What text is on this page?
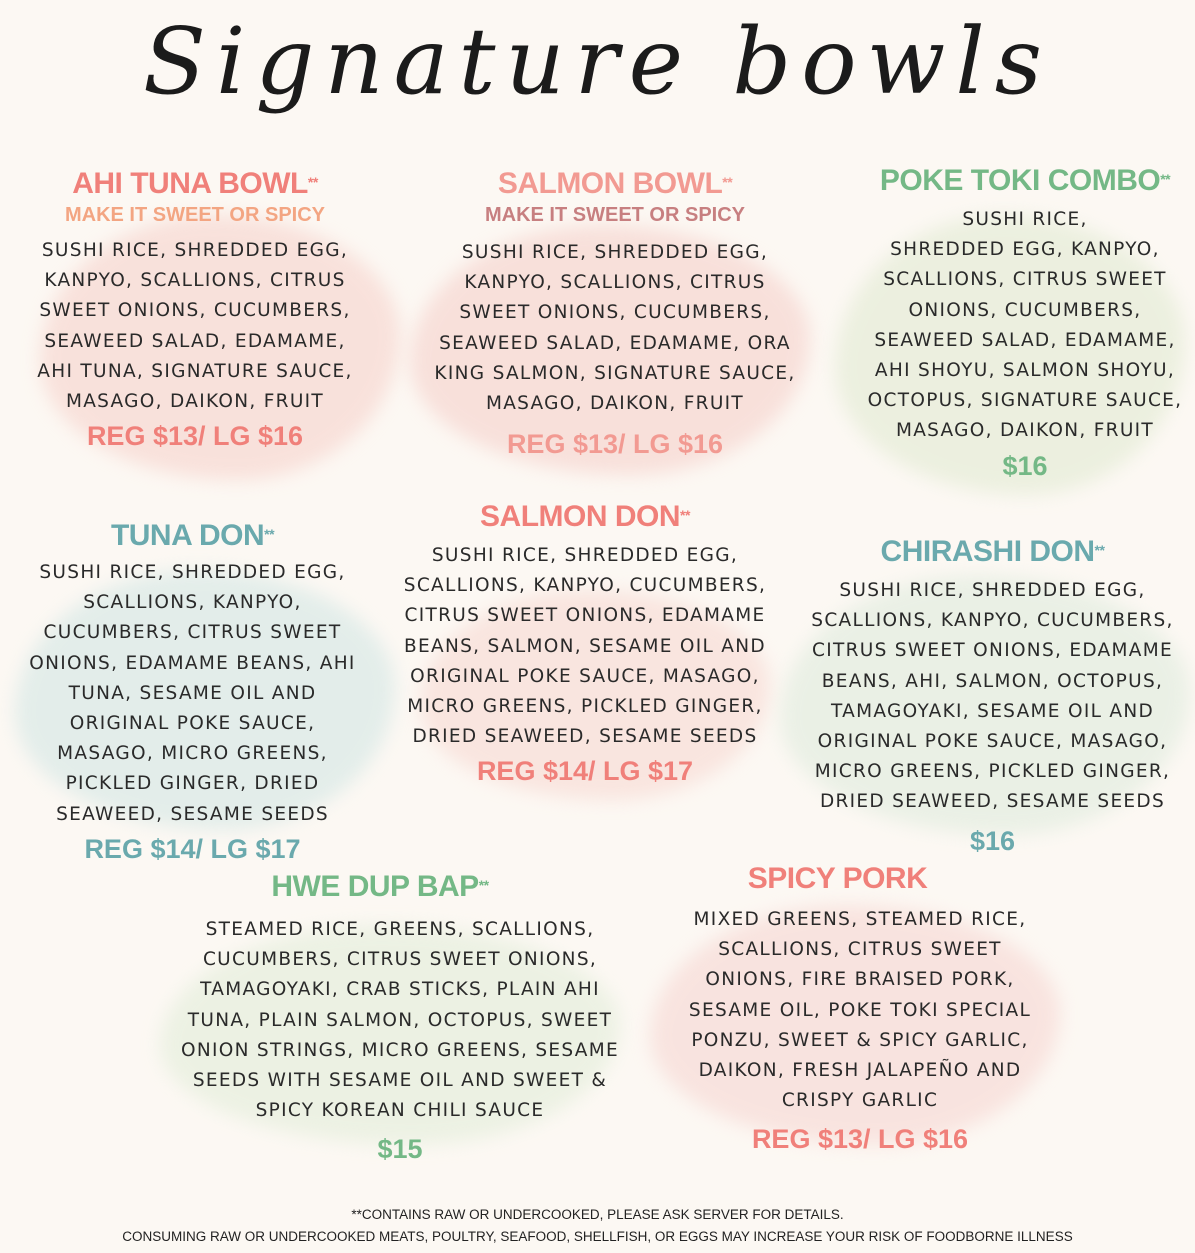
Signature bowls
AHI TUNA BOWL**
MAKE IT SWEET OR SPICY
SUSHI RICE, SHREDDED EGG,
KANPYO, SCALLIONS, CITRUS
SWEET ONIONS, CUCUMBERS,
SEAWEED SALAD, EDAMAME,
AHI TUNA, SIGNATURE SAUCE,
MASAGO, DAIKON, FRUIT
REG $13/ LG $16
SALMON BOWL**
MAKE IT SWEET OR SPICY
SUSHI RICE, SHREDDED EGG,
KANPYO, SCALLIONS, CITRUS
SWEET ONIONS, CUCUMBERS,
SEAWEED SALAD, EDAMAME, ORA
KING SALMON, SIGNATURE SAUCE,
MASAGO, DAIKON, FRUIT
REG $13/ LG $16
POKE TOKI COMBO**
SUSHI RICE,
SHREDDED EGG, KANPYO,
SCALLIONS, CITRUS SWEET
ONIONS, CUCUMBERS,
SEAWEED SALAD, EDAMAME,
AHI SHOYU, SALMON SHOYU,
OCTOPUS, SIGNATURE SAUCE,
MASAGO, DAIKON, FRUIT
$16
TUNA DON**
SUSHI RICE, SHREDDED EGG,
SCALLIONS, KANPYO,
CUCUMBERS, CITRUS SWEET
ONIONS, EDAMAME BEANS, AHI
TUNA, SESAME OIL AND
ORIGINAL POKE SAUCE,
MASAGO, MICRO GREENS,
PICKLED GINGER, DRIED
SEAWEED, SESAME SEEDS
REG $14/ LG $17
SALMON DON**
SUSHI RICE, SHREDDED EGG,
SCALLIONS, KANPYO, CUCUMBERS,
CITRUS SWEET ONIONS, EDAMAME
BEANS, SALMON, SESAME OIL AND
ORIGINAL POKE SAUCE, MASAGO,
MICRO GREENS, PICKLED GINGER,
DRIED SEAWEED, SESAME SEEDS
REG $14/ LG $17
CHIRASHI DON**
SUSHI RICE, SHREDDED EGG,
SCALLIONS, KANPYO, CUCUMBERS,
CITRUS SWEET ONIONS, EDAMAME
BEANS, AHI, SALMON, OCTOPUS,
TAMAGOYAKI, SESAME OIL AND
ORIGINAL POKE SAUCE, MASAGO,
MICRO GREENS, PICKLED GINGER,
DRIED SEAWEED, SESAME SEEDS
$16
HWE DUP BAP**
STEAMED RICE, GREENS, SCALLIONS,
CUCUMBERS, CITRUS SWEET ONIONS,
TAMAGOYAKI, CRAB STICKS, PLAIN AHI
TUNA, PLAIN SALMON, OCTOPUS, SWEET
ONION STRINGS, MICRO GREENS, SESAME
SEEDS WITH SESAME OIL AND SWEET &
SPICY KOREAN CHILI SAUCE
$15
SPICY PORK
MIXED GREENS, STEAMED RICE,
SCALLIONS, CITRUS SWEET
ONIONS, FIRE BRAISED PORK,
SESAME OIL, POKE TOKI SPECIAL
PONZU, SWEET & SPICY GARLIC,
DAIKON, FRESH JALAPEÑO AND
CRISPY GARLIC
REG $13/ LG $16
**CONTAINS RAW OR UNDERCOOKED, PLEASE ASK SERVER FOR DETAILS.
CONSUMING RAW OR UNDERCOOKED MEATS, POULTRY, SEAFOOD, SHELLFISH, OR EGGS MAY INCREASE YOUR RISK OF FOODBORNE ILLNESS
